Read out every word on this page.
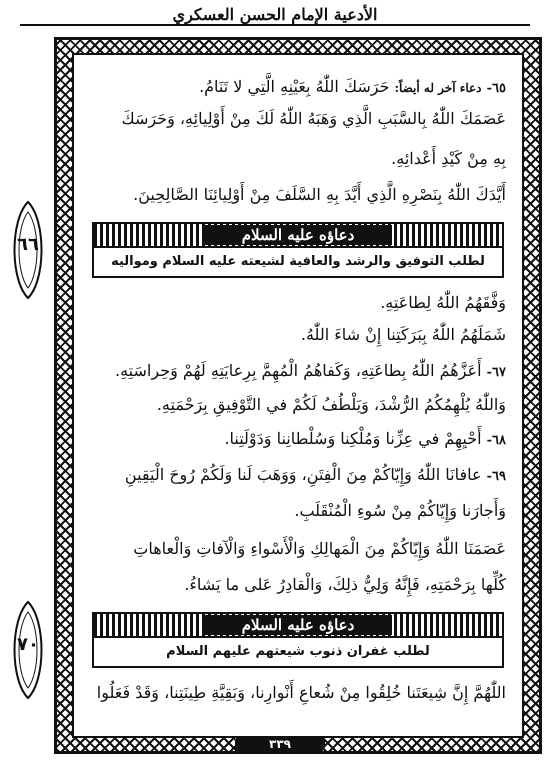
الأدعية الإمام الحسن العسكري
٦٦
٧٠
٦٥- دعاء آخر له أيضاً: حَرَسَكَ اللّٰهُ بِعَيْنِهِ الَّتِي لا تَنَامُ.
عَصَمَكَ اللّٰهُ بِالسَّبَبِ الَّذِي وَهَبَهُ اللّٰهُ لَكَ مِنْ أَوْلِيائِهِ، وَحَرَسَكَ
بِهِ مِنْ كَيْدِ أَعْدائِهِ.
أَيَّدَكَ اللّٰهُ بِنَصْرِهِ الَّذِي أَيَّدَ بِهِ السَّلَفَ مِنْ أَوْلِيائِنَا الصَّالِحِينَ.
دعاؤه عليه السلام
لطلب التوفيق والرشد والعافية لشيعته عليه السلام ومواليه
وَفَّقَهُمُ اللّٰهُ لِطاعَتِهِ.
شَمَلَهُمُ اللّٰهُ بِبَرَكَتِنا إِنْ شاءَ اللّٰهُ.
٦٧- أَعَزَّهُمُ اللّٰهُ بِطاعَتِهِ، وَكَفاهُمُ الْمُهِمَّ بِرِعايَتِهِ لَهُمْ وَحِراسَتِهِ.
وَاللّٰهُ يُلْهِمُكُمُ الرُّشْدَ، وَيَلْطُفُ لَكُمْ في التَّوْفِيقِ بِرَحْمَتِهِ.
٦٨- أَحْيِهِمْ في عِزِّنا وَمُلْكِنا وَسُلْطانِنا وَدَوْلَتِنا.
٦٩- عافانَا اللّٰهُ وَإِيّاكُمْ مِنَ الْفِتَنِ، وَوَهَبَ لَنا وَلَكُمْ رُوحَ الْيَقِينِ
وَأَجارَنا وَإِيّاكُمْ مِنْ سُوءِ الْمُنْقَلَبِ.
عَصَمَنَا اللّٰهُ وَإِيّاكُمْ مِنَ الْمَهالِكِ وَالْأَسْواءِ وَالْآفاتِ وَالْعاهاتِ
كُلِّها بِرَحْمَتِهِ، فَإِنَّهُ وَلِيُّ ذلِكَ، وَالْقادِرُ عَلى ما يَشاءُ.
دعاؤه عليه السلام
لطلب غفران ذنوب شيعتهم عليهم السلام
اللّٰهُمَّ إِنَّ شِيعَتَنا خُلِقُوا مِنْ شُعاعِ أَنْوارِنا، وَبَقِيَّةِ طِينَتِنا، وَقَدْ فَعَلُوا
٣٣٩
